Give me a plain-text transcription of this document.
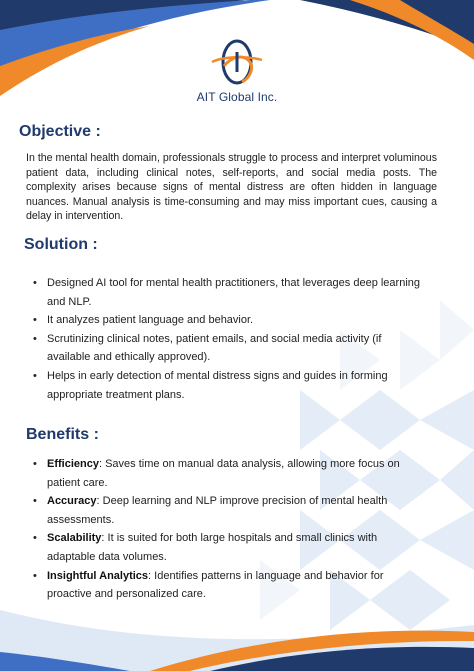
AIT Global Inc.
Objective :
In the mental health domain, professionals struggle to process and interpret voluminous patient data, including clinical notes, self-reports, and social media posts. The complexity arises because signs of mental distress are often hidden in language nuances. Manual analysis is time-consuming and may miss important cues, causing a delay in intervention.
Solution :
• Designed AI tool for mental health practitioners, that leverages deep learning and NLP.
• It analyzes patient language and behavior.
• Scrutinizing clinical notes, patient emails, and social media activity (if available and ethically approved).
• Helps in early detection of mental distress signs and guides in forming appropriate treatment plans.
Benefits :
• Efficiency: Saves time on manual data analysis, allowing more focus on patient care.
• Accuracy: Deep learning and NLP improve precision of mental health assessments.
• Scalability: It is suited for both large hospitals and small clinics with adaptable data volumes.
• Insightful Analytics: Identifies patterns in language and behavior for proactive and personalized care.
